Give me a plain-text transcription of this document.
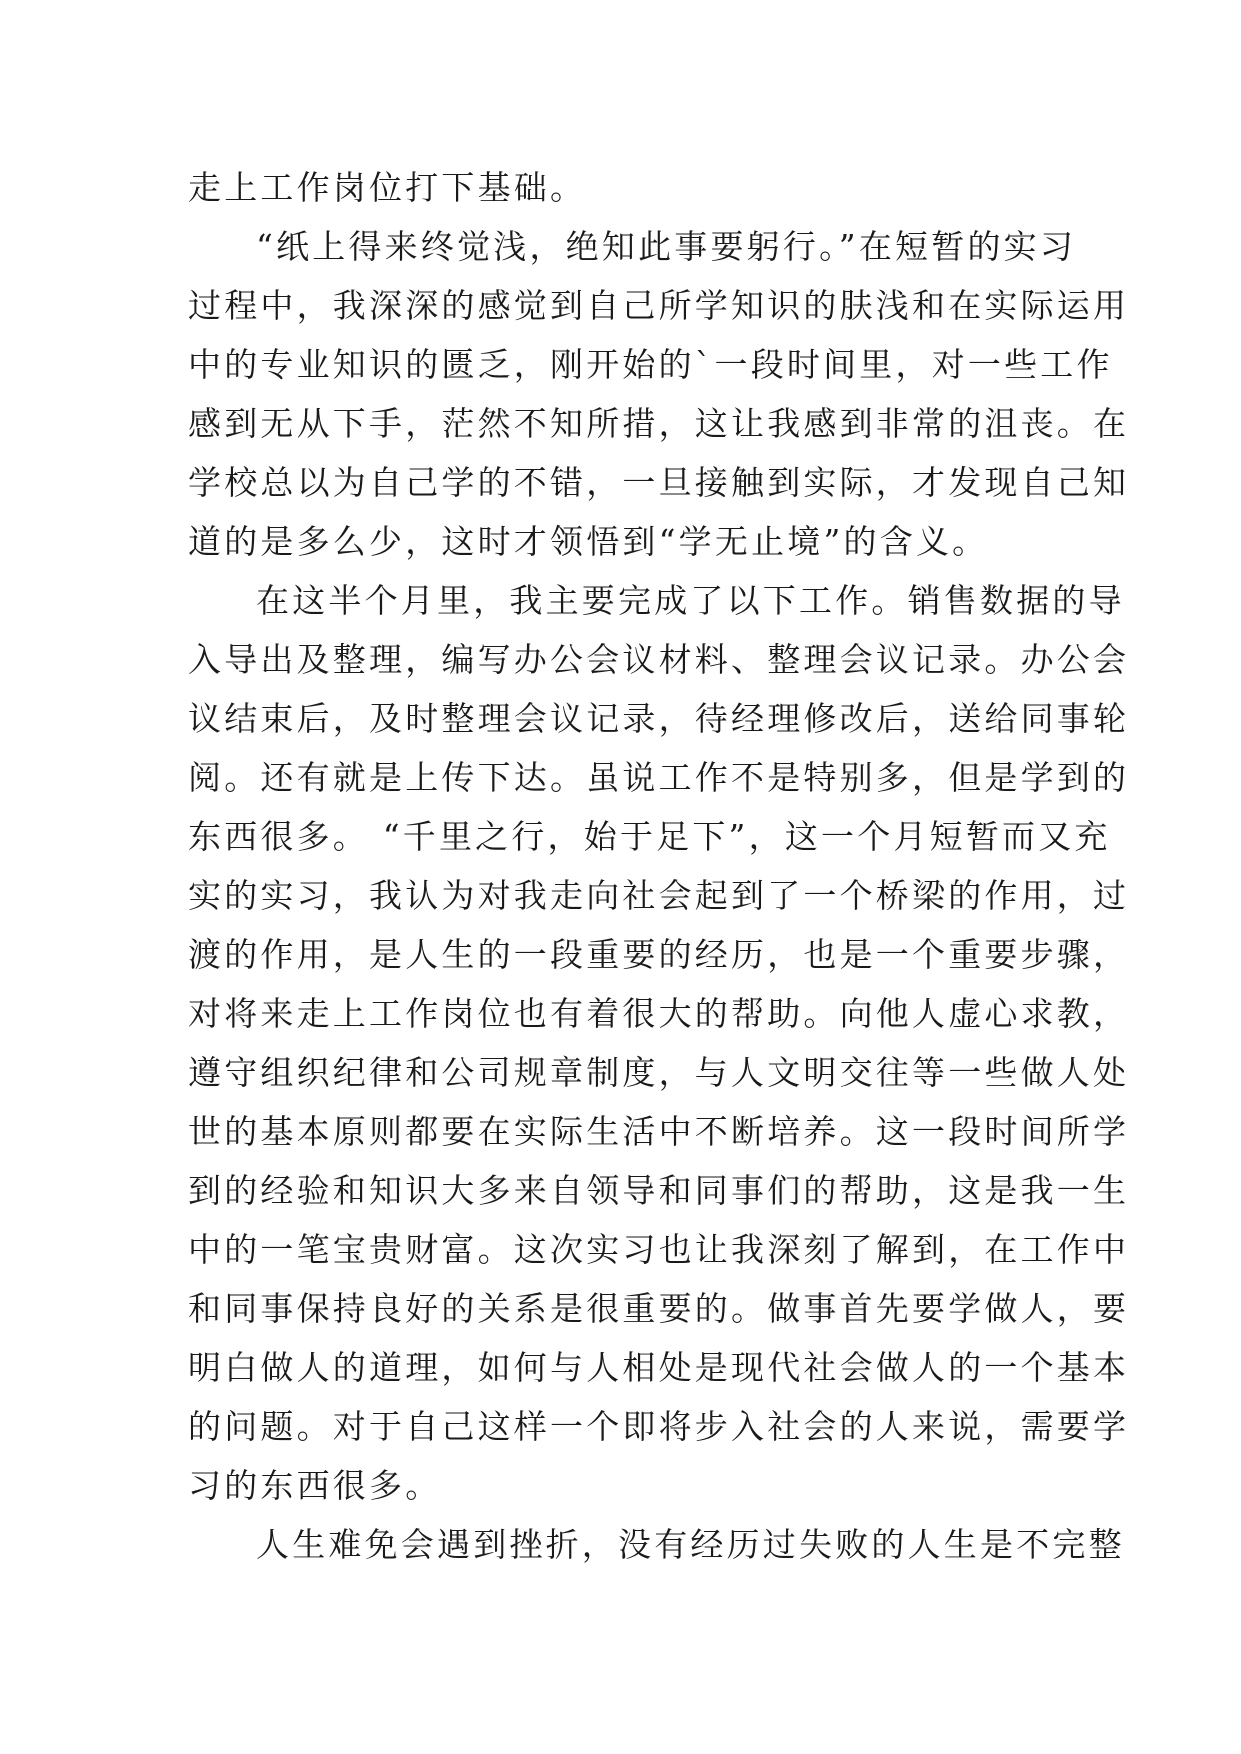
走上工作岗位打下基础。
“纸上得来终觉浅，绝知此事要躬行。”在短暂的实习
过程中，我深深的感觉到自己所学知识的肤浅和在实际运用
中的专业知识的匮乏，刚开始的`一段时间里，对一些工作
感到无从下手，茫然不知所措，这让我感到非常的沮丧。在
学校总以为自己学的不错，一旦接触到实际，才发现自己知
道的是多么少，这时才领悟到“学无止境”的含义。
在这半个月里，我主要完成了以下工作。销售数据的导
入导出及整理，编写办公会议材料、整理会议记录。办公会
议结束后，及时整理会议记录，待经理修改后，送给同事轮
阅。还有就是上传下达。虽说工作不是特别多，但是学到的
东西很多。 “千里之行，始于足下”，这一个月短暂而又充
实的实习，我认为对我走向社会起到了一个桥梁的作用，过
渡的作用，是人生的一段重要的经历，也是一个重要步骤，
对将来走上工作岗位也有着很大的帮助。向他人虚心求教，
遵守组织纪律和公司规章制度，与人文明交往等一些做人处
世的基本原则都要在实际生活中不断培养。这一段时间所学
到的经验和知识大多来自领导和同事们的帮助，这是我一生
中的一笔宝贵财富。这次实习也让我深刻了解到，在工作中
和同事保持良好的关系是很重要的。做事首先要学做人，要
明白做人的道理，如何与人相处是现代社会做人的一个基本
的问题。对于自己这样一个即将步入社会的人来说，需要学
习的东西很多。
人生难免会遇到挫折，没有经历过失败的人生是不完整
